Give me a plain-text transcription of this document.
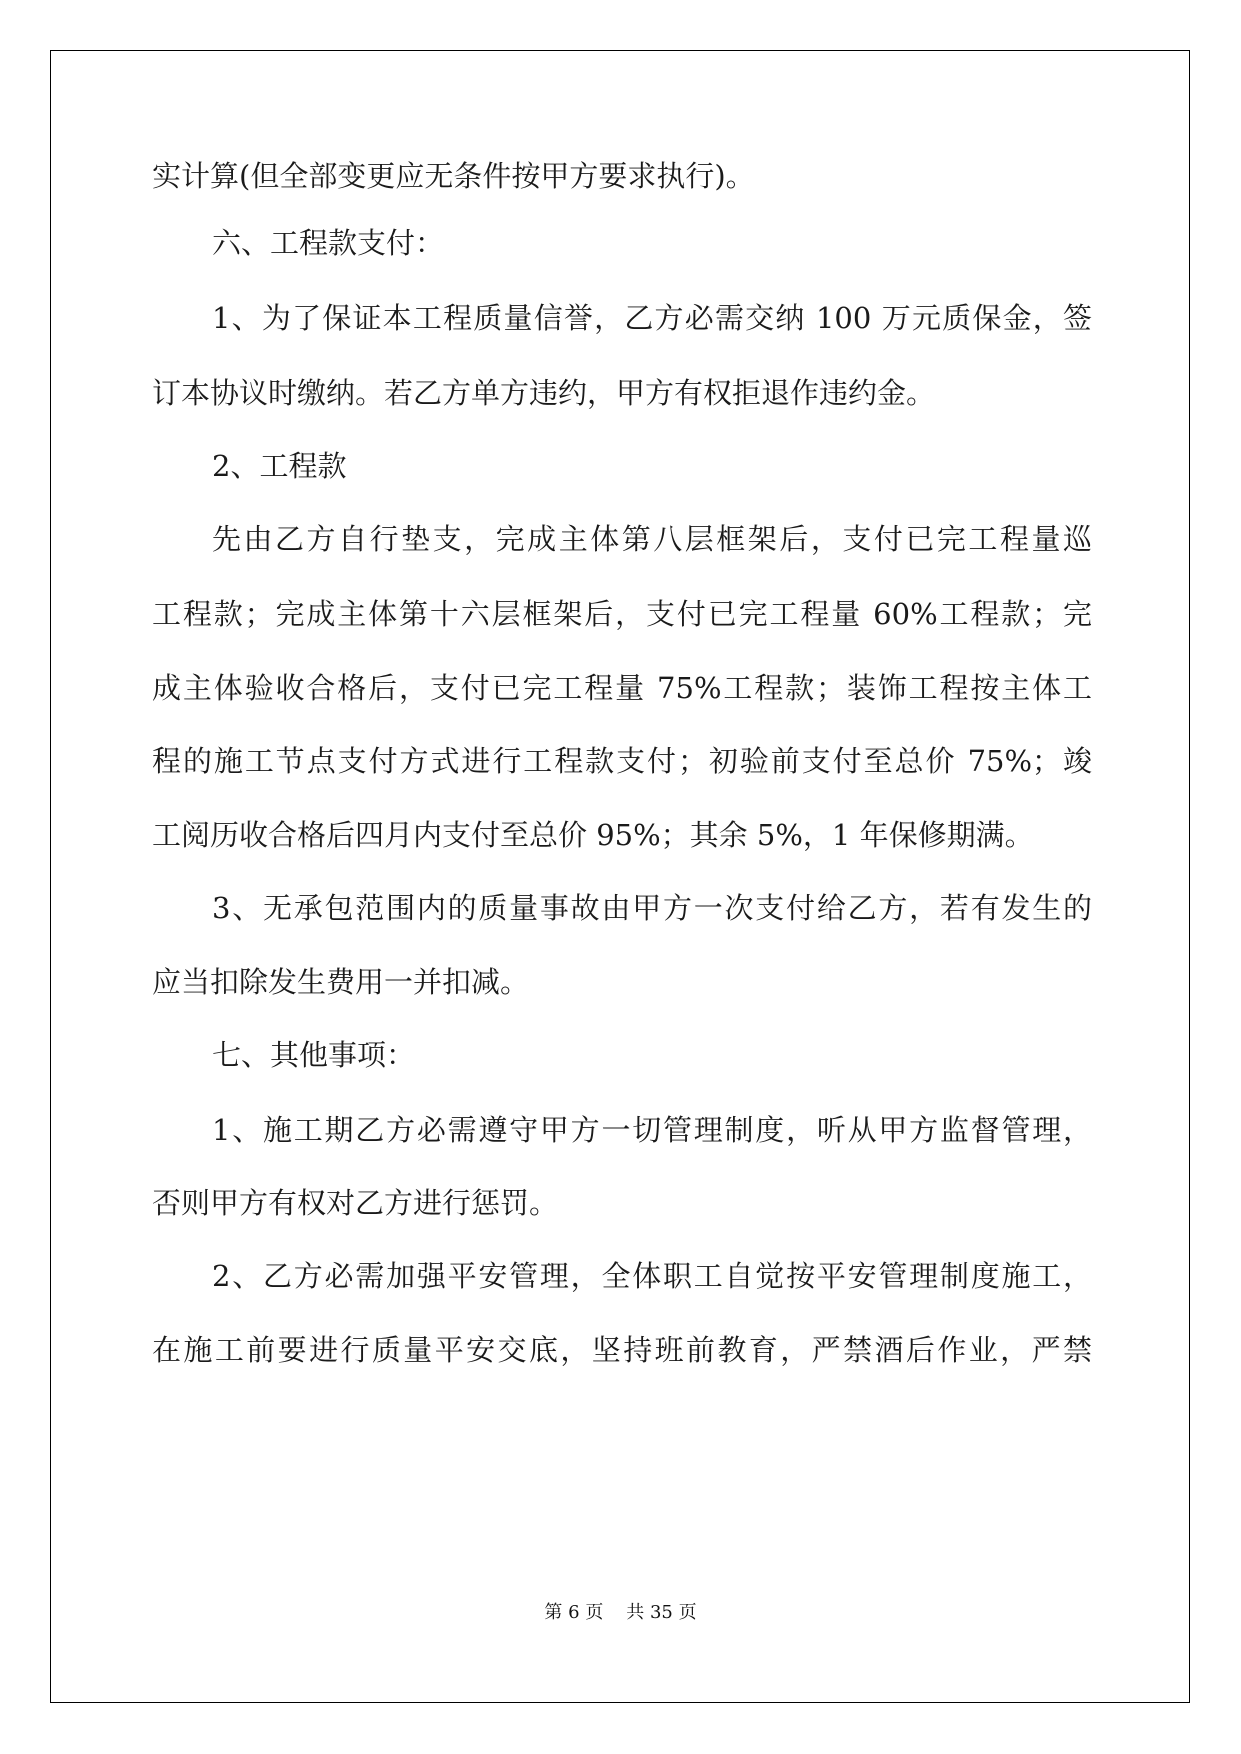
实计算(但全部变更应无条件按甲方要求执行)。
六、工程款支付：
1、为了保证本工程质量信誉，乙方必需交纳 100 万元质保金，签
订本协议时缴纳。若乙方单方违约，甲方有权拒退作违约金。
2、工程款
先由乙方自行垫支，完成主体第八层框架后，支付已完工程量巡
工程款；完成主体第十六层框架后，支付已完工程量 60%工程款；完
成主体验收合格后，支付已完工程量 75%工程款；装饰工程按主体工
程的施工节点支付方式进行工程款支付；初验前支付至总价 75%；竣
工阅历收合格后四月内支付至总价 95%；其余 5%，1 年保修期满。
3、无承包范围内的质量事故由甲方一次支付给乙方，若有发生的
应当扣除发生费用一并扣减。
七、其他事项：
1、施工期乙方必需遵守甲方一切管理制度，听从甲方监督管理，
否则甲方有权对乙方进行惩罚。
2、乙方必需加强平安管理，全体职工自觉按平安管理制度施工，
在施工前要进行质量平安交底，坚持班前教育，严禁酒后作业，严禁
第 6 页 共 35 页
